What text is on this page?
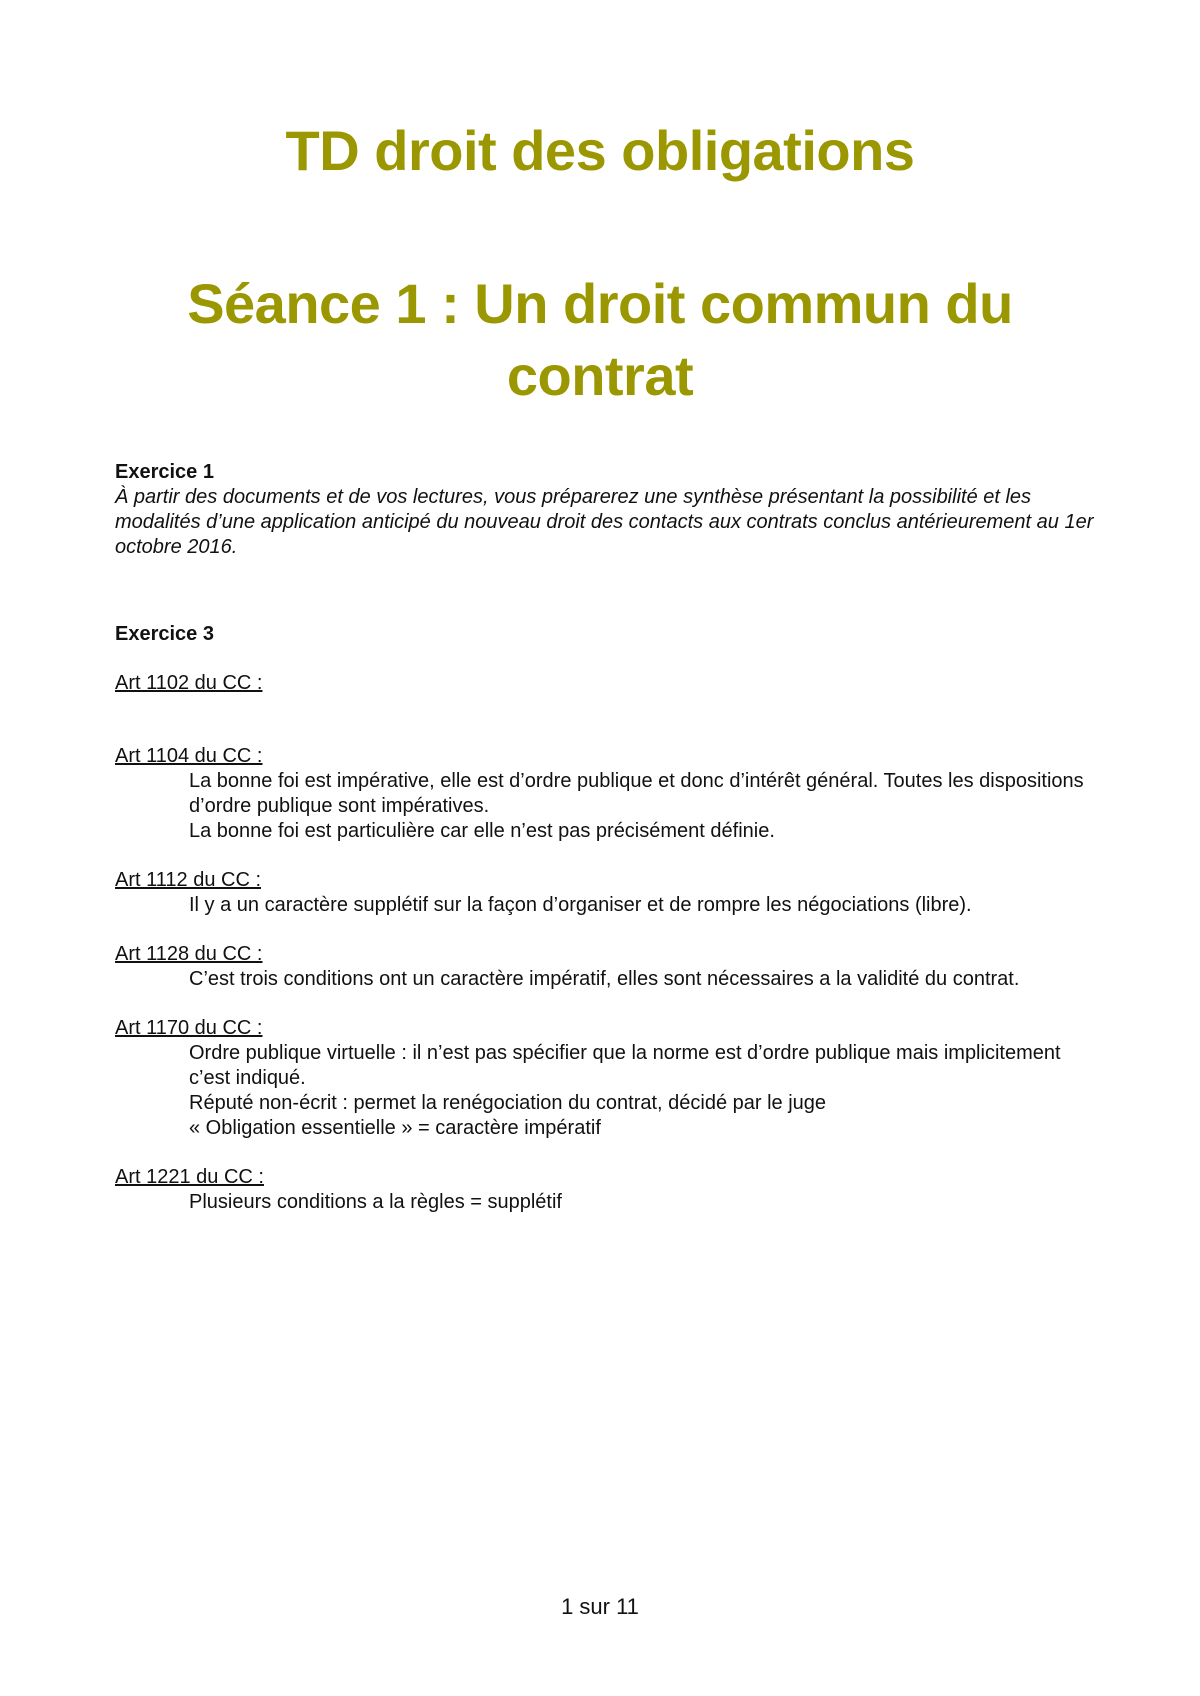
TD droit des obligations
Séance 1 : Un droit commun du contrat

Exercice 1

À partir des documents et de vos lectures, vous préparerez une synthèse présentant la possibilité et les modalités d’une application anticipé du nouveau droit des contacts aux contrats conclus antérieurement au 1er octobre 2016.

Exercice 3

Art 1102 du CC :

Art 1104 du CC :

La bonne foi est impérative, elle est d’ordre publique et donc d’intérêt général. Toutes les dispositions d’ordre publique sont impératives.

La bonne foi est particulière car elle n’est pas précisément définie.

Art 1112 du CC :

Il y a un caractère supplétif sur la façon d’organiser et de rompre les négociations (libre).

Art 1128 du CC :

C’est trois conditions ont un caractère impératif, elles sont nécessaires a la validité du contrat.

Art 1170 du CC :

Ordre publique virtuelle : il n’est pas spécifier que la norme est d’ordre publique mais implicitement c’est indiqué.

Réputé non-écrit : permet la renégociation du contrat, décidé par le juge

« Obligation essentielle » = caractère impératif

Art 1221 du CC :

Plusieurs conditions a la règles = supplétif

1 sur 11
